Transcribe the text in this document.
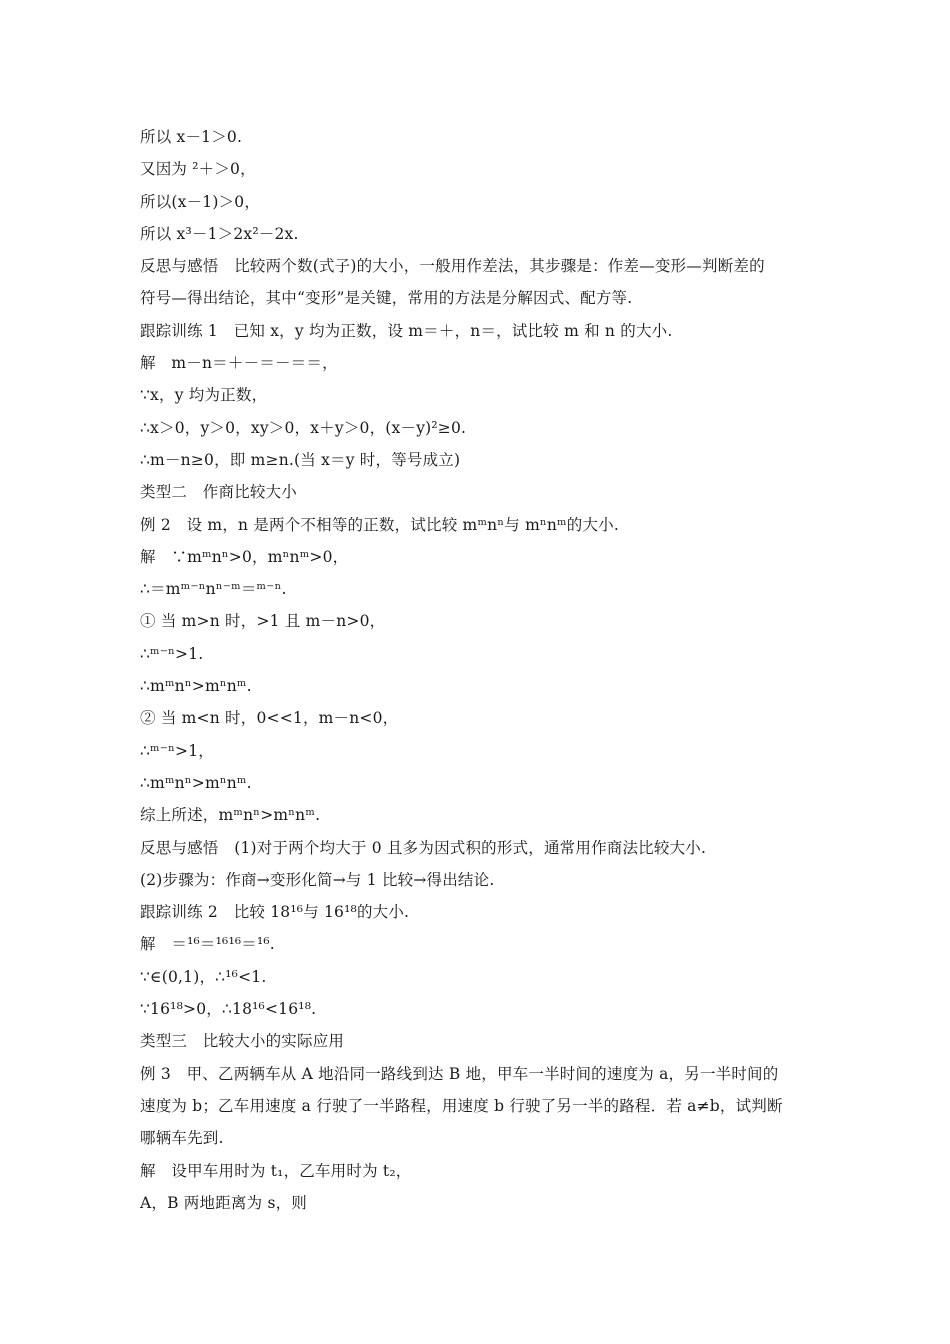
所以 x－1＞0.
又因为 ²＋＞0，
所以(x－1)＞0，
所以 x³－1＞2x²－2x.
反思与感悟　比较两个数(式子)的大小，一般用作差法，其步骤是：作差—变形—判断差的
符号—得出结论，其中“变形”是关键，常用的方法是分解因式、配方等.
跟踪训练 1　已知 x，y 均为正数，设 m＝＋，n＝，试比较 m 和 n 的大小.
解　m－n＝＋－＝－＝＝，
∵x，y 均为正数，
∴x＞0，y＞0，xy＞0，x＋y＞0，(x－y)²≥0.
∴m－n≥0，即 m≥n.(当 x＝y 时，等号成立)
类型二　作商比较大小
例 2　设 m，n 是两个不相等的正数，试比较 mᵐnⁿ与 mⁿnᵐ的大小.
解　∵mᵐnⁿ>0，mⁿnᵐ>0，
∴＝mᵐ⁻ⁿnⁿ⁻ᵐ＝ᵐ⁻ⁿ.
① 当 m>n 时，>1 且 m－n>0，
∴ᵐ⁻ⁿ>1.
∴mᵐnⁿ>mⁿnᵐ.
② 当 m<n 时，0<<1，m－n<0，
∴ᵐ⁻ⁿ>1，
∴mᵐnⁿ>mⁿnᵐ.
综上所述，mᵐnⁿ>mⁿnᵐ.
反思与感悟　(1)对于两个均大于 0 且多为因式积的形式，通常用作商法比较大小.
(2)步骤为：作商→变形化简→与 1 比较→得出结论.
跟踪训练 2　比较 18¹⁶与 16¹⁸的大小.
解　＝¹⁶＝¹⁶¹⁶＝¹⁶.
∵∈(0,1)，∴¹⁶<1.
∵16¹⁸>0，∴18¹⁶<16¹⁸.
类型三　比较大小的实际应用
例 3　甲、乙两辆车从 A 地沿同一路线到达 B 地，甲车一半时间的速度为 a，另一半时间的
速度为 b；乙车用速度 a 行驶了一半路程，用速度 b 行驶了另一半的路程．若 a≠b，试判断
哪辆车先到.
解　设甲车用时为 t₁，乙车用时为 t₂，
A，B 两地距离为 s，则
